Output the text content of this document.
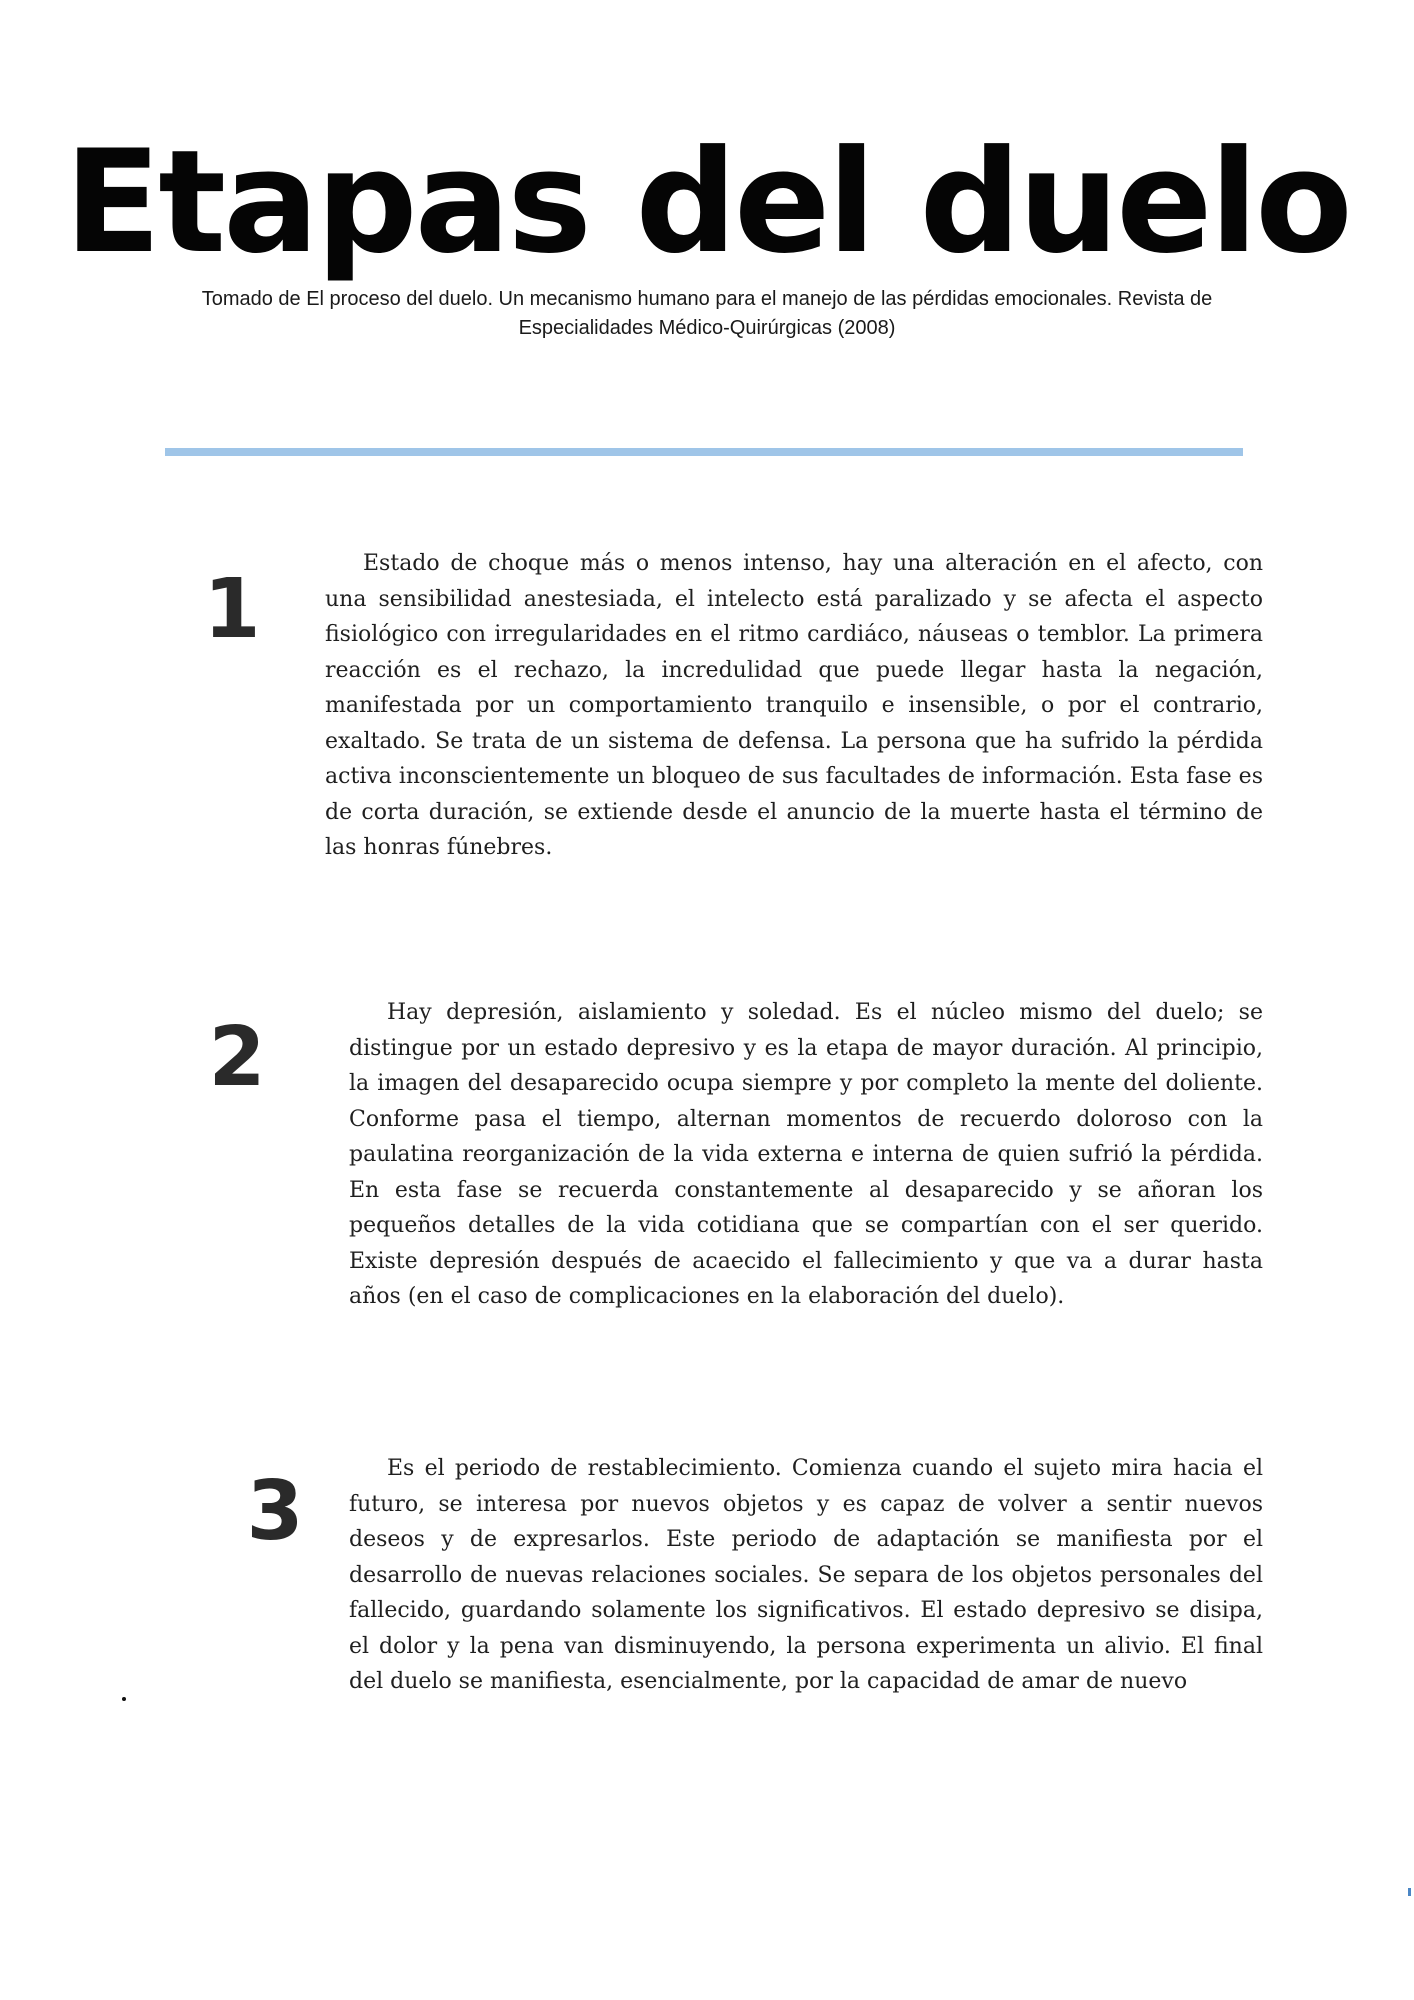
Etapas del duelo

Tomado de El proceso del duelo. Un mecanismo humano para el manejo de las pérdidas emocionales. Revista de Especialidades Médico-Quirúrgicas (2008)

1	Estado de choque más o menos intenso, hay una alteración en el afecto, con una sensibilidad anestesiada, el intelecto está paralizado y se afecta el aspecto fisiológico con irregularidades en el ritmo cardiáco, náuseas o temblor. La primera reacción es el rechazo, la incredulidad que puede llegar hasta la negación, manifestada por un comportamiento tranquilo e insensible, o por el contrario, exaltado. Se trata de un sistema de defensa. La persona que ha sufrido la pérdida activa inconscientemente un bloqueo de sus facultades de información. Esta fase es de corta duración, se extiende desde el anuncio de la muerte hasta el término de las honras fúnebres.

2	Hay depresión, aislamiento y soledad. Es el núcleo mismo del duelo; se distingue por un estado depresivo y es la etapa de mayor duración. Al principio, la imagen del desaparecido ocupa siempre y por completo la mente del doliente. Conforme pasa el tiempo, alternan momentos de recuerdo doloroso con la paulatina reorganización de la vida externa e interna de quien sufrió la pérdida. En esta fase se recuerda constantemente al desaparecido y se añoran los pequeños detalles de la vida cotidiana que se compartían con el ser querido. Existe depresión después de acaecido el fallecimiento y que va a durar hasta años (en el caso de complicaciones en la elaboración del duelo).

3	Es el periodo de restablecimiento. Comienza cuando el sujeto mira hacia el futuro, se interesa por nuevos objetos y es capaz de volver a sentir nuevos deseos y de expresarlos. Este periodo de adaptación se manifiesta por el desarrollo de nuevas relaciones sociales. Se separa de los objetos personales del fallecido, guardando solamente los significativos. El estado depresivo se disipa, el dolor y la pena van disminuyendo, la persona experimenta un alivio. El final del duelo se manifiesta, esencialmente, por la capacidad de amar de nuevo
